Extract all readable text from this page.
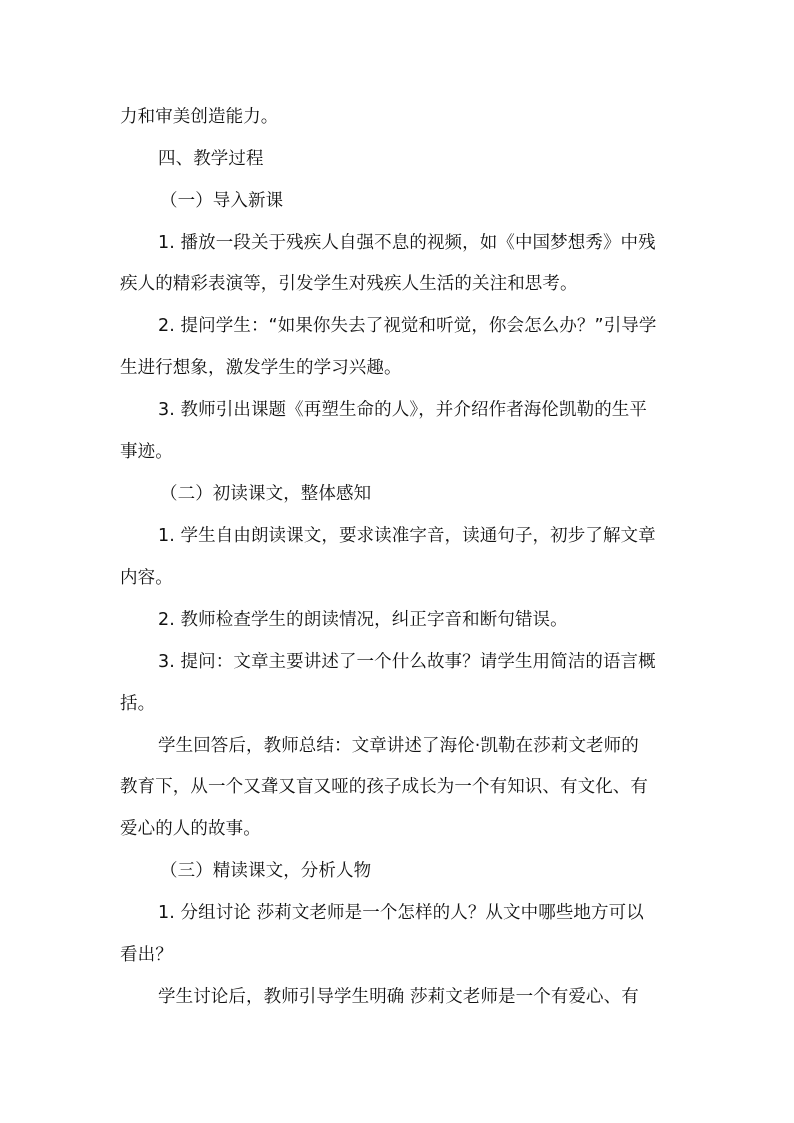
力和审美创造能力。
四、教学过程
（一）导入新课
1. 播放一段关于残疾人自强不息的视频，如《中国梦想秀》中残
疾人的精彩表演等，引发学生对残疾人生活的关注和思考。
2. 提问学生：“如果你失去了视觉和听觉，你会怎么办？”引导学
生进行想象，激发学生的学习兴趣。
3. 教师引出课题《再塑生命的人》，并介绍作者海伦凯勒的生平
事迹。
（二）初读课文，整体感知
1. 学生自由朗读课文，要求读准字音，读通句子，初步了解文章
内容。
2. 教师检查学生的朗读情况，纠正字音和断句错误。
3. 提问：文章主要讲述了一个什么故事？请学生用简洁的语言概
括。
学生回答后，教师总结：文章讲述了海伦·凯勒在莎莉文老师的
教育下，从一个又聋又盲又哑的孩子成长为一个有知识、有文化、有
爱心的人的故事。
（三）精读课文，分析人物
1. 分组讨论 莎莉文老师是一个怎样的人？从文中哪些地方可以
看出？
学生讨论后，教师引导学生明确 莎莉文老师是一个有爱心、有
